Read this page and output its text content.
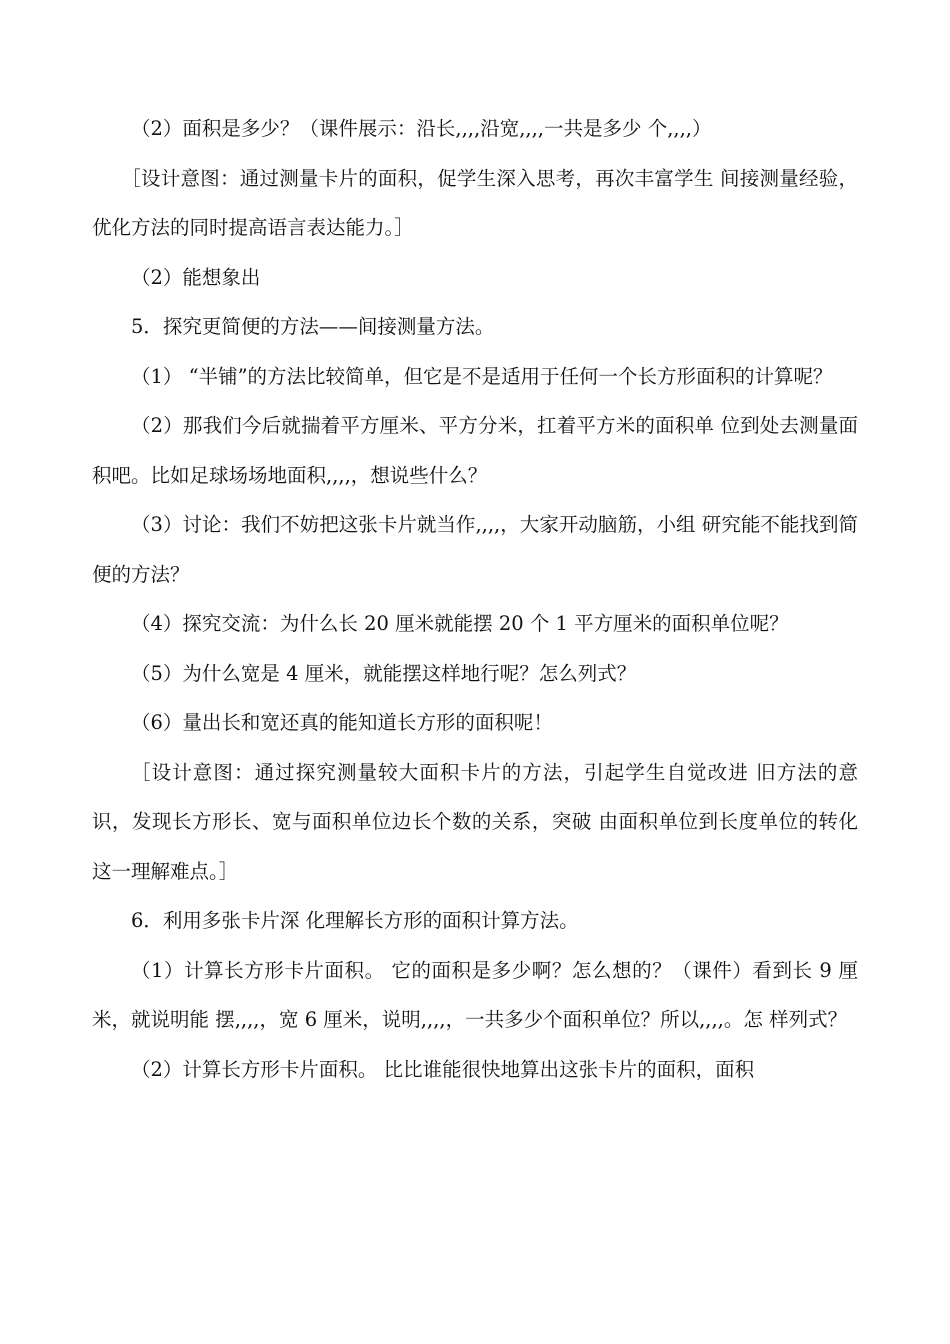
（2）面积是多少？（课件展示：沿长,,,,沿宽,,,,一共是多少 个,,,,）

［设计意图：通过测量卡片的面积，促学生深入思考，再次丰富学生 间接测量经验，优化方法的同时提高语言表达能力。］

（2）能想象出

5．探究更简便的方法——间接测量方法。

（1） “半铺”的方法比较简单，但它是不是适用于任何一个长方形面积的计算呢？

（2）那我们今后就揣着平方厘米、平方分米，扛着平方米的面积单 位到处去测量面积吧。比如足球场场地面积,,,,，想说些什么？

（3）讨论：我们不妨把这张卡片就当作,,,,，大家开动脑筋，小组 研究能不能找到简便的方法？

（4）探究交流：为什么长 20 厘米就能摆 20 个 1 平方厘米的面积单位呢？

（5）为什么宽是 4 厘米，就能摆这样地行呢？怎么列式？

（6）量出长和宽还真的能知道长方形的面积呢！

［设计意图：通过探究测量较大面积卡片的方法，引起学生自觉改进 旧方法的意识，发现长方形长、宽与面积单位边长个数的关系，突破 由面积单位到长度单位的转化这一理解难点。］

6．利用多张卡片深 化理解长方形的面积计算方法。

（1）计算长方形卡片面积。 它的面积是多少啊？怎么想的？（课件）看到长 9 厘米，就说明能 摆,,,,，宽 6 厘米，说明,,,,，一共多少个面积单位？所以,,,,。怎 样列式？

（2）计算长方形卡片面积。 比比谁能很快地算出这张卡片的面积，面积
